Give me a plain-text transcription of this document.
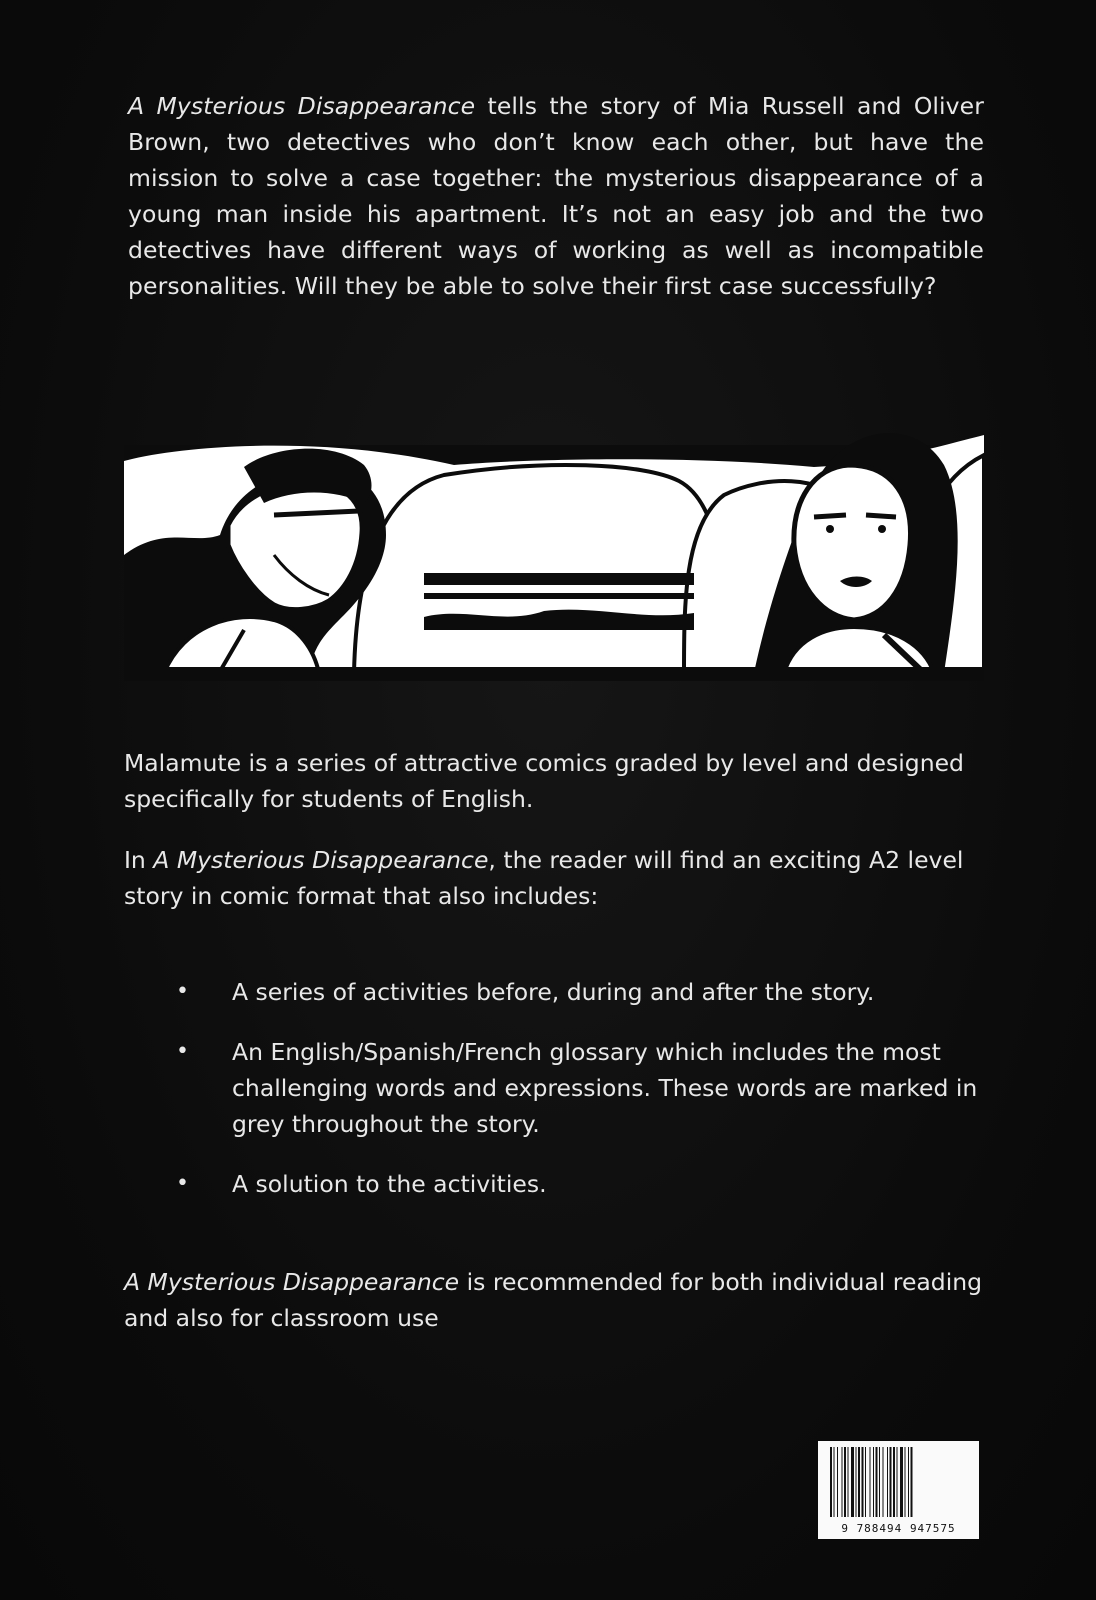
A Mysterious Disappearance tells the story of Mia Russell and Oliver Brown, two detectives who don’t know each other, but have the mission to solve a case together: the mysterious disappearance of a young man inside his apartment. It’s not an easy job and the two detectives have different ways of working as well as incompatible personalities. Will they be able to solve their first case successfully?

Malamute is a series of attractive comics graded by level and designed specifically for students of English.

In A Mysterious Disappearance, the reader will find an exciting A2 level story in comic format that also includes:

• A series of activities before, during and after the story.
• An English/Spanish/French glossary which includes the most challenging words and expressions. These words are marked in grey throughout the story.
• A solution to the activities.

A Mysterious Disappearance is recommended for both individual reading and also for classroom use

9 788494 947575
